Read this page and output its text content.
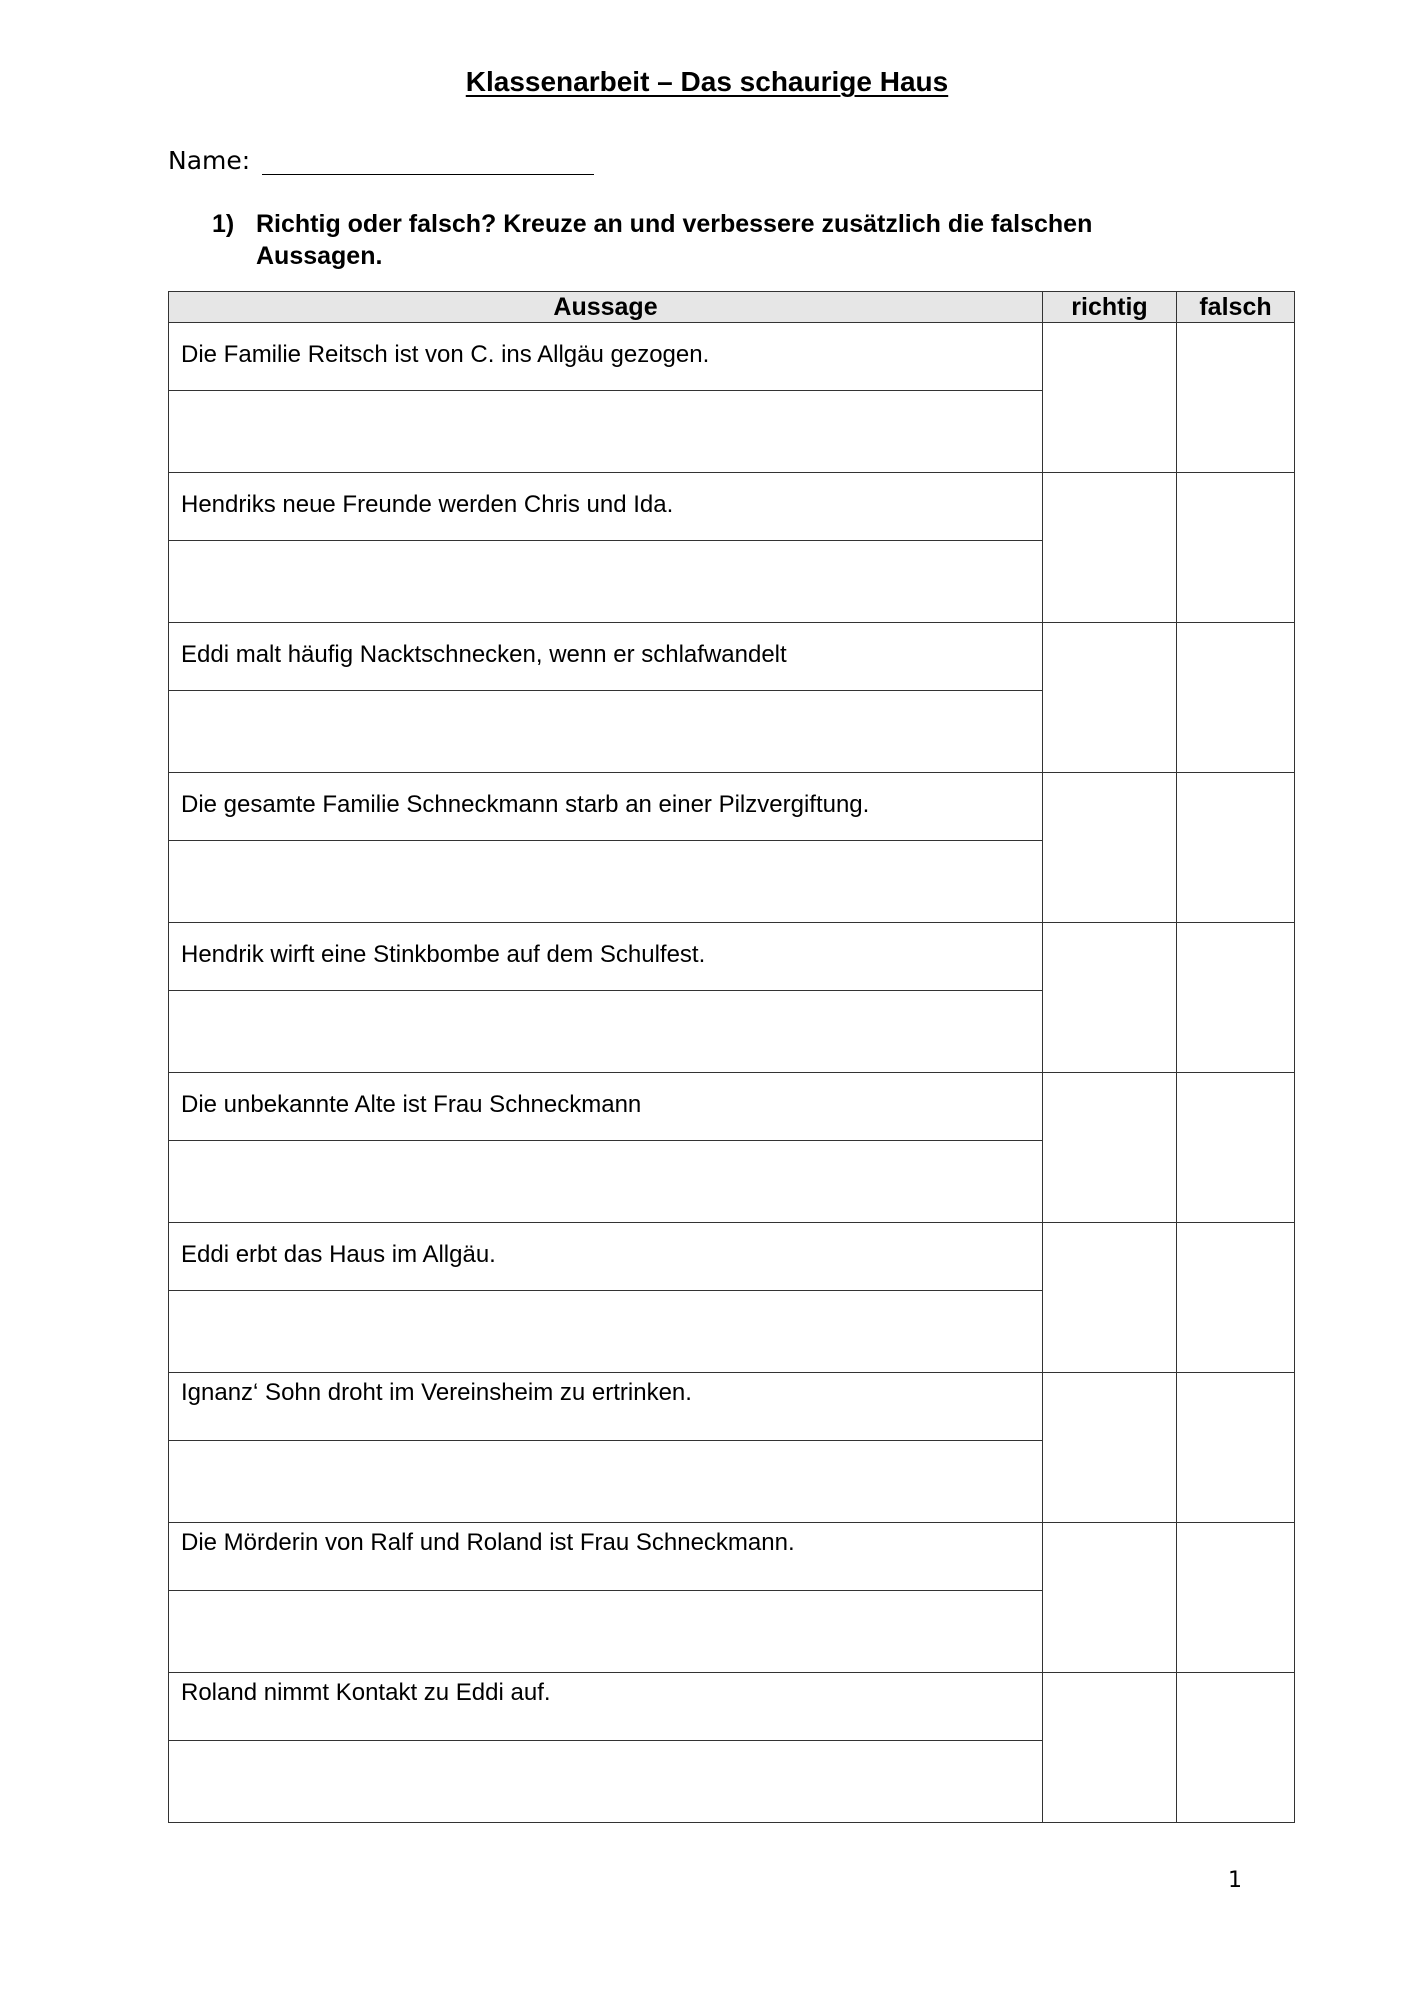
Klassenarbeit – Das schaurige Haus
Name:
1) Richtig oder falsch? Kreuze an und verbessere zusätzlich die falschen Aussagen.
Aussage	richtig	falsch
Die Familie Reitsch ist von C. ins Allgäu gezogen.		

Hendriks neue Freunde werden Chris und Ida.		

Eddi malt häufig Nacktschnecken, wenn er schlafwandelt		

Die gesamte Familie Schneckmann starb an einer Pilzvergiftung.		

Hendrik wirft eine Stinkbombe auf dem Schulfest.		

Die unbekannte Alte ist Frau Schneckmann		

Eddi erbt das Haus im Allgäu.		

Ignanz‘ Sohn droht im Vereinsheim zu ertrinken.		

Die Mörderin von Ralf und Roland ist Frau Schneckmann.		

Roland nimmt Kontakt zu Eddi auf.		

1
